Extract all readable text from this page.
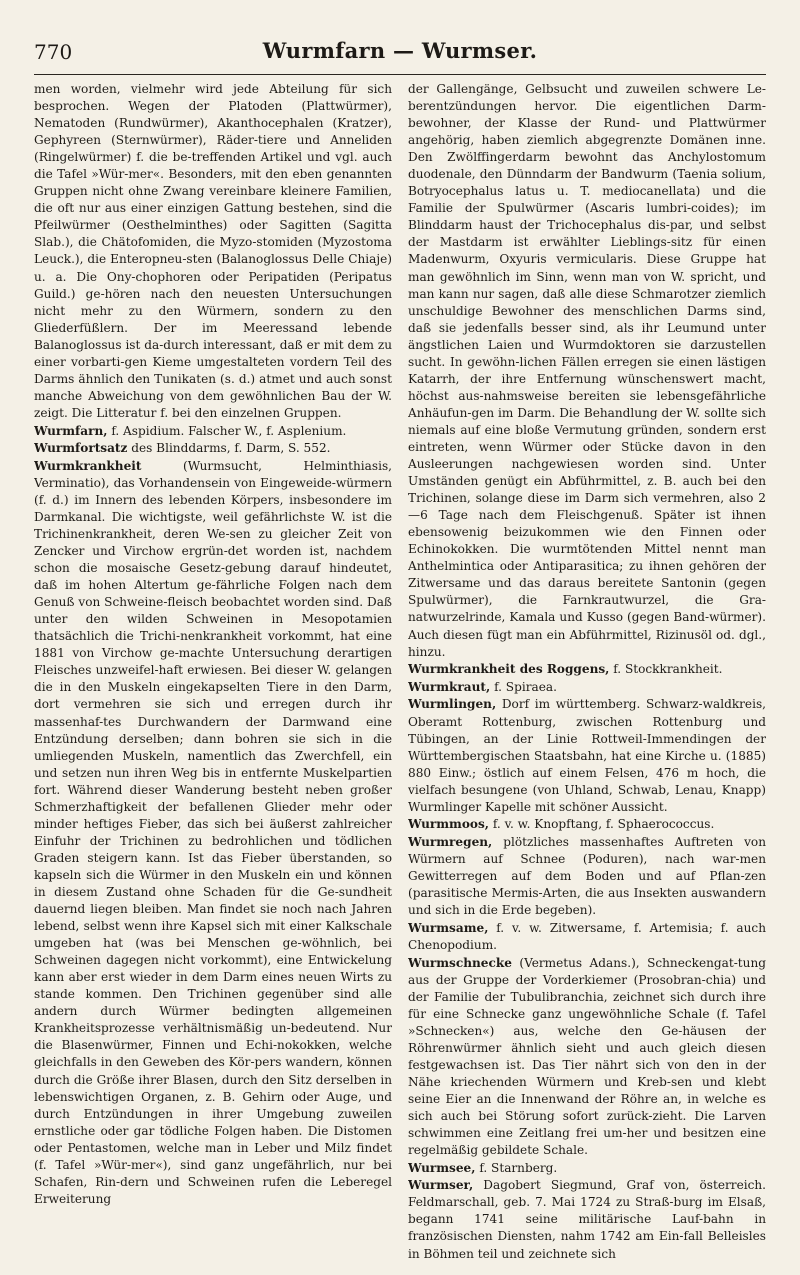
770	Wurmfarn — Wurmser.

men worden, vielmehr wird jede Abteilung für sich besprochen. Wegen der Platoden (Plattwürmer), Nematoden (Rundwürmer), Akanthocephalen (Kratzer), Gephyreen (Sternwürmer), Räder-tiere und Anneliden (Ringelwürmer) f. die be-treffenden Artikel und vgl. auch die Tafel »Wür-mer«. Besonders, mit den eben genannten Gruppen nicht ohne Zwang vereinbare kleinere Familien, die oft nur aus einer einzigen Gattung bestehen, sind die Pfeilwürmer (Oesthelminthes) oder Sagitten (Sagitta Slab.), die Chätofomiden, die Myzo-stomiden (Myzostoma Leuck.), die Enteropneu-sten (Balanoglossus Delle Chiaje) u. a. Die Ony-chophoren oder Peripatiden (Peripatus Guild.) ge-hören nach den neuesten Untersuchungen nicht mehr zu den Würmern, sondern zu den Gliederfüßlern. Der im Meeressand lebende Balanoglossus ist da-durch interessant, daß er mit dem zu einer vorbarti-gen Kieme umgestalteten vordern Teil des Darms ähnlich den Tunikaten (s. d.) atmet und auch sonst manche Abweichung von dem gewöhnlichen Bau der W. zeigt. Die Litteratur f. bei den einzelnen Gruppen.

Wurmfarn, f. Aspidium. Falscher W., f. Asplenium.

Wurmfortsatz des Blinddarms, f. Darm, S. 552.

Wurmkrankheit (Wurmsucht, Helminthiasis, Verminatio), das Vorhandensein von Eingeweide-würmern (f. d.) im Innern des lebenden Körpers, insbesondere im Darmkanal. Die wichtigste, weil gefährlichste W. ist die Trichinenkrankheit, deren We-sen zu gleicher Zeit von Zencker und Virchow ergrün-det worden ist, nachdem schon die mosaische Gesetz-gebung darauf hindeutet, daß im hohen Altertum ge-fährliche Folgen nach dem Genuß von Schweine-fleisch beobachtet worden sind. Daß unter den wilden Schweinen in Mesopotamien thatsächlich die Trichi-nenkrankheit vorkommt, hat eine 1881 von Virchow ge-machte Untersuchung derartigen Fleisches unzweifel-haft erwiesen. Bei dieser W. gelangen die in den Muskeln eingekapselten Tiere in den Darm, dort vermehren sie sich und erregen durch ihr massenhaf-tes Durchwandern der Darmwand eine Entzündung derselben; dann bohren sie sich in die umliegenden Muskeln, namentlich das Zwerchfell, ein und setzen nun ihren Weg bis in entfernte Muskelpartien fort. Während dieser Wanderung besteht neben großer Schmerzhaftigkeit der befallenen Glieder mehr oder minder heftiges Fieber, das sich bei äußerst zahlreicher Einfuhr der Trichinen zu bedrohlichen und tödlichen Graden steigern kann. Ist das Fieber überstanden, so kapseln sich die Würmer in den Muskeln ein und können in diesem Zustand ohne Schaden für die Ge-sundheit dauernd liegen bleiben. Man findet sie noch nach Jahren lebend, selbst wenn ihre Kapsel sich mit einer Kalkschale umgeben hat (was bei Menschen ge-wöhnlich, bei Schweinen dagegen nicht vorkommt), eine Entwickelung kann aber erst wieder in dem Darm eines neuen Wirts zu stande kommen. Den Trichinen gegenüber sind alle andern durch Würmer bedingten allgemeinen Krankheitsprozesse verhältnismäßig un-bedeutend. Nur die Blasenwürmer, Finnen und Echi-nokokken, welche gleichfalls in den Geweben des Kör-pers wandern, können durch die Größe ihrer Blasen, durch den Sitz derselben in lebenswichtigen Organen, z. B. Gehirn oder Auge, und durch Entzündungen in ihrer Umgebung zuweilen ernstliche oder gar tödliche Folgen haben. Die Distomen oder Pentastomen, welche man in Leber und Milz findet (f. Tafel »Wür-mer«), sind ganz ungefährlich, nur bei Schafen, Rin-dern und Schweinen rufen die Leberegel Erweiterung

der Gallengänge, Gelbsucht und zuweilen schwere Le-berentzündungen hervor. Die eigentlichen Darm-bewohner, der Klasse der Rund- und Plattwürmer angehörig, haben ziemlich abgegrenzte Domänen inne. Den Zwölffingerdarm bewohnt das Anchylostomum duodenale, den Dünndarm der Bandwurm (Taenia solium, Botryocephalus latus u. T. mediocanellata) und die Familie der Spulwürmer (Ascaris lumbri-coides); im Blinddarm haust der Trichocephalus dis-par, und selbst der Mastdarm ist erwählter Lieblings-sitz für einen Madenwurm, Oxyuris vermicularis. Diese Gruppe hat man gewöhnlich im Sinn, wenn man von W. spricht, und man kann nur sagen, daß alle diese Schmarotzer ziemlich unschuldige Bewohner des menschlichen Darms sind, daß sie jedenfalls besser sind, als ihr Leumund unter ängstlichen Laien und Wurmdoktoren sie darzustellen sucht. In gewöhn-lichen Fällen erregen sie einen lästigen Katarrh, der ihre Entfernung wünschenswert macht, höchst aus-nahmsweise bereiten sie lebensgefährliche Anhäufun-gen im Darm. Die Behandlung der W. sollte sich niemals auf eine bloße Vermutung gründen, sondern erst eintreten, wenn Würmer oder Stücke davon in den Ausleerungen nachgewiesen worden sind. Unter Umständen genügt ein Abführmittel, z. B. auch bei den Trichinen, solange diese im Darm sich vermehren, also 2—6 Tage nach dem Fleischgenuß. Später ist ihnen ebensowenig beizukommen wie den Finnen oder Echinokokken. Die wurmtötenden Mittel nennt man Anthelmintica oder Antiparasitica; zu ihnen gehören der Zitwersame und das daraus bereitete Santonin (gegen Spulwürmer), die Farnkrautwurzel, die Gra-natwurzelrinde, Kamala und Kusso (gegen Band-würmer). Auch diesen fügt man ein Abführmittel, Rizinusöl od. dgl., hinzu.

Wurmkrankheit des Roggens, f. Stockkrankheit.

Wurmkraut, f. Spiraea.

Wurmlingen, Dorf im württemberg. Schwarz-waldkreis, Oberamt Rottenburg, zwischen Rottenburg und Tübingen, an der Linie Rottweil-Immendingen der Württembergischen Staatsbahn, hat eine Kirche u. (1885) 880 Einw.; östlich auf einem Felsen, 476 m hoch, die vielfach besungene (von Uhland, Schwab, Lenau, Knapp) Wurmlinger Kapelle mit schöner Aussicht.

Wurmmoos, f. v. w. Knopftang, f. Sphaerococcus.

Wurmregen, plötzliches massenhaftes Auftreten von Würmern auf Schnee (Poduren), nach war-men Gewitterregen auf dem Boden und auf Pflan-zen (parasitische Mermis-Arten, die aus Insekten auswandern und sich in die Erde begeben).

Wurmsame, f. v. w. Zitwersame, f. Artemisia; f. auch Chenopodium.

Wurmschnecke (Vermetus Adans.), Schneckengat-tung aus der Gruppe der Vorderkiemer (Prosobran-chia) und der Familie der Tubulibranchia, zeichnet sich durch ihre für eine Schnecke ganz ungewöhnliche Schale (f. Tafel »Schnecken«) aus, welche den Ge-häusen der Röhrenwürmer ähnlich sieht und auch gleich diesen festgewachsen ist. Das Tier nährt sich von den in der Nähe kriechenden Würmern und Kreb-sen und klebt seine Eier an die Innenwand der Röhre an, in welche es sich auch bei Störung sofort zurück-zieht. Die Larven schwimmen eine Zeitlang frei um-her und besitzen eine regelmäßig gebildete Schale.

Wurmsee, f. Starnberg.

Wurmser, Dagobert Siegmund, Graf von, österreich. Feldmarschall, geb. 7. Mai 1724 zu Straß-burg im Elsaß, begann 1741 seine militärische Lauf-bahn in französischen Diensten, nahm 1742 am Ein-fall Belleisles in Böhmen teil und zeichnete sich
